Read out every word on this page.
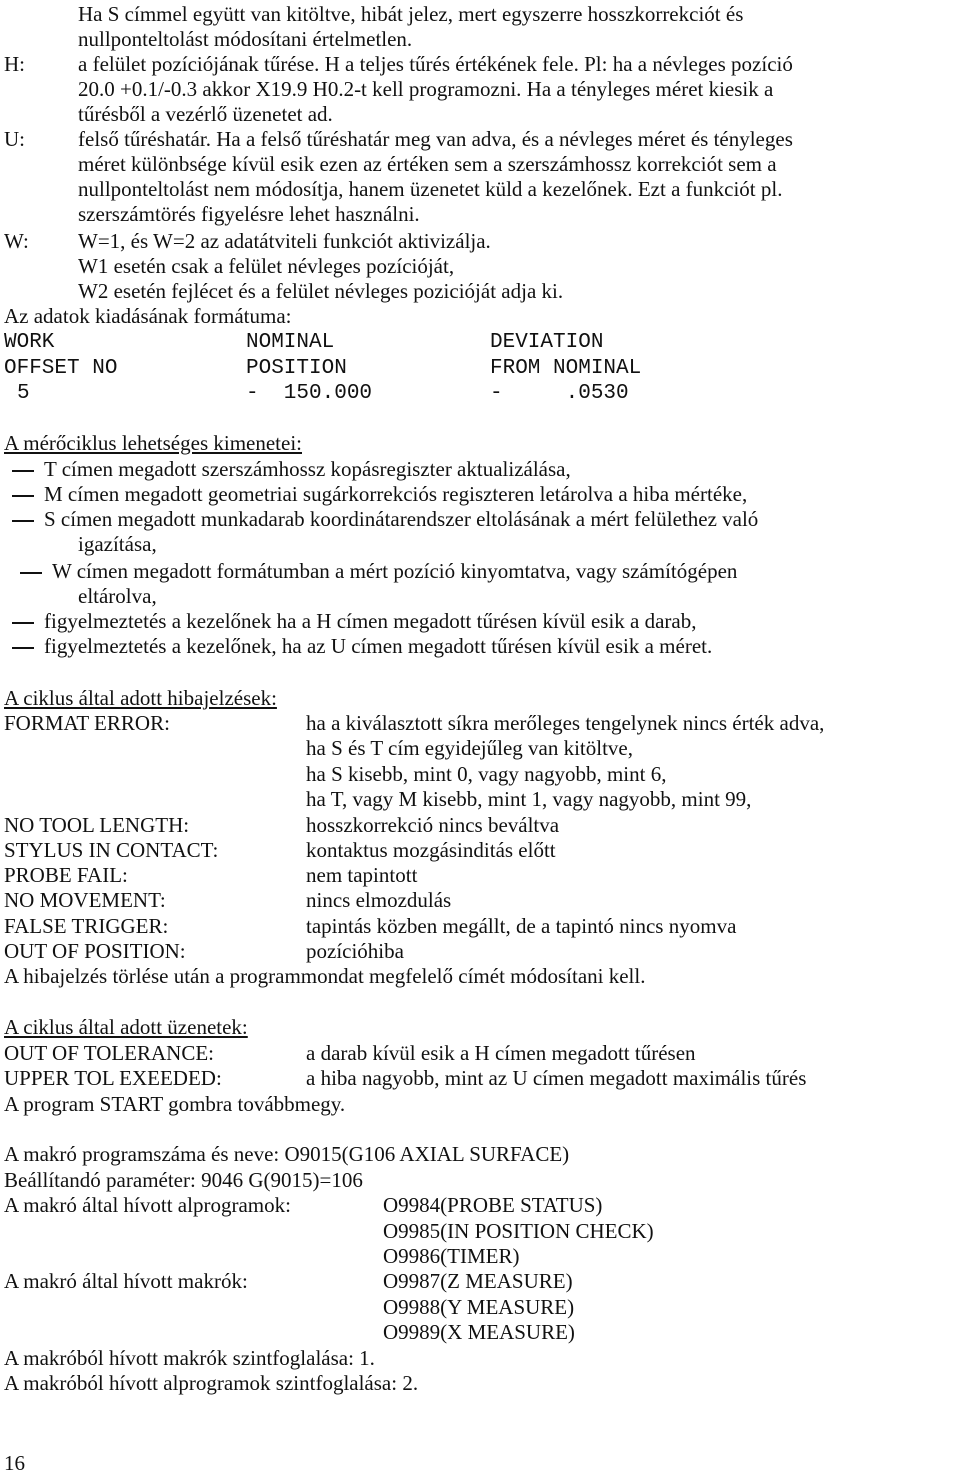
Ha S címmel együtt van kitöltve, hibát jelez, mert egyszerre hosszkorrekciót és
nullponteltolást módosítani értelmetlen.
H:	a felület pozíciójának tűrése. H a teljes tűrés értékének fele. Pl: ha a névleges pozíció
20.0 +0.1/-0.3 akkor X19.9 H0.2-t kell programozni. Ha a tényleges méret kiesik a
tűrésből a vezérlő üzenetet ad.
U:	felső tűréshatár. Ha a felső tűréshatár meg van adva, és a névleges méret és tényleges
méret különbsége kívül esik ezen az értéken sem a szerszámhossz korrekciót sem a
nullponteltolást nem módosítja, hanem üzenetet küld a kezelőnek. Ezt a funkciót pl.
szerszámtörés figyelésre lehet használni.
W: W=1, és W=2 az adatátviteli funkciót aktivizálja.
W1 esetén csak a felület névleges pozícióját,
W2 esetén fejlécet és a felület névleges pozicióját adja ki.
Az adatok kiadásának formátuma:
WORK	NOMINAL	DEVIATION
OFFSET NO	POSITION	FROM NOMINAL
5	-  150.000	-     .0530
A mérőciklus lehetséges kimenetei:
T címen megadott szerszámhossz kopásregiszter aktualizálása,
M címen megadott geometriai sugárkorrekciós regiszteren letárolva a hiba mértéke,
S címen megadott munkadarab koordinátarendszer eltolásának a mért felülethez való
igazítása,
W címen megadott formátumban a mért pozíció kinyomtatva, vagy számítógépen
eltárolva,
figyelmeztetés a kezelőnek ha a H címen megadott tűrésen kívül esik a darab,
figyelmeztetés a kezelőnek, ha az U címen megadott tűrésen kívül esik a méret.
A ciklus által adott hibajelzések:
FORMAT ERROR:	ha a kiválasztott síkra merőleges tengelynek nincs érték adva,
ha S és T cím egyidejűleg van kitöltve,
ha S kisebb, mint 0, vagy nagyobb, mint 6,
ha T, vagy M kisebb, mint 1, vagy nagyobb, mint 99,
NO TOOL LENGTH:	hosszkorrekció nincs beváltva
STYLUS IN CONTACT:	kontaktus mozgásinditás előtt
PROBE FAIL:	nem tapintott
NO MOVEMENT:	nincs elmozdulás
FALSE TRIGGER:	tapintás közben megállt, de a tapintó nincs nyomva
OUT OF POSITION:	pozícióhiba
A hibajelzés törlése után a programmondat megfelelő címét módosítani kell.
A ciklus által adott üzenetek:
OUT OF TOLERANCE:	a darab kívül esik a H címen megadott tűrésen
UPPER TOL EXEEDED:	a hiba nagyobb, mint az U címen megadott maximális tűrés
A program START gombra továbbmegy.
A makró programszáma és neve: O9015(G106 AXIAL SURFACE)
Beállítandó paraméter: 9046 G(9015)=106
A makró által hívott alprogramok:	O9984(PROBE STATUS)
O9985(IN POSITION CHECK)
O9986(TIMER)
A makró által hívott makrók:	O9987(Z MEASURE)
O9988(Y MEASURE)
O9989(X MEASURE)
A makróból hívott makrók szintfoglalása: 1.
A makróból hívott alprogramok szintfoglalása: 2.
16
